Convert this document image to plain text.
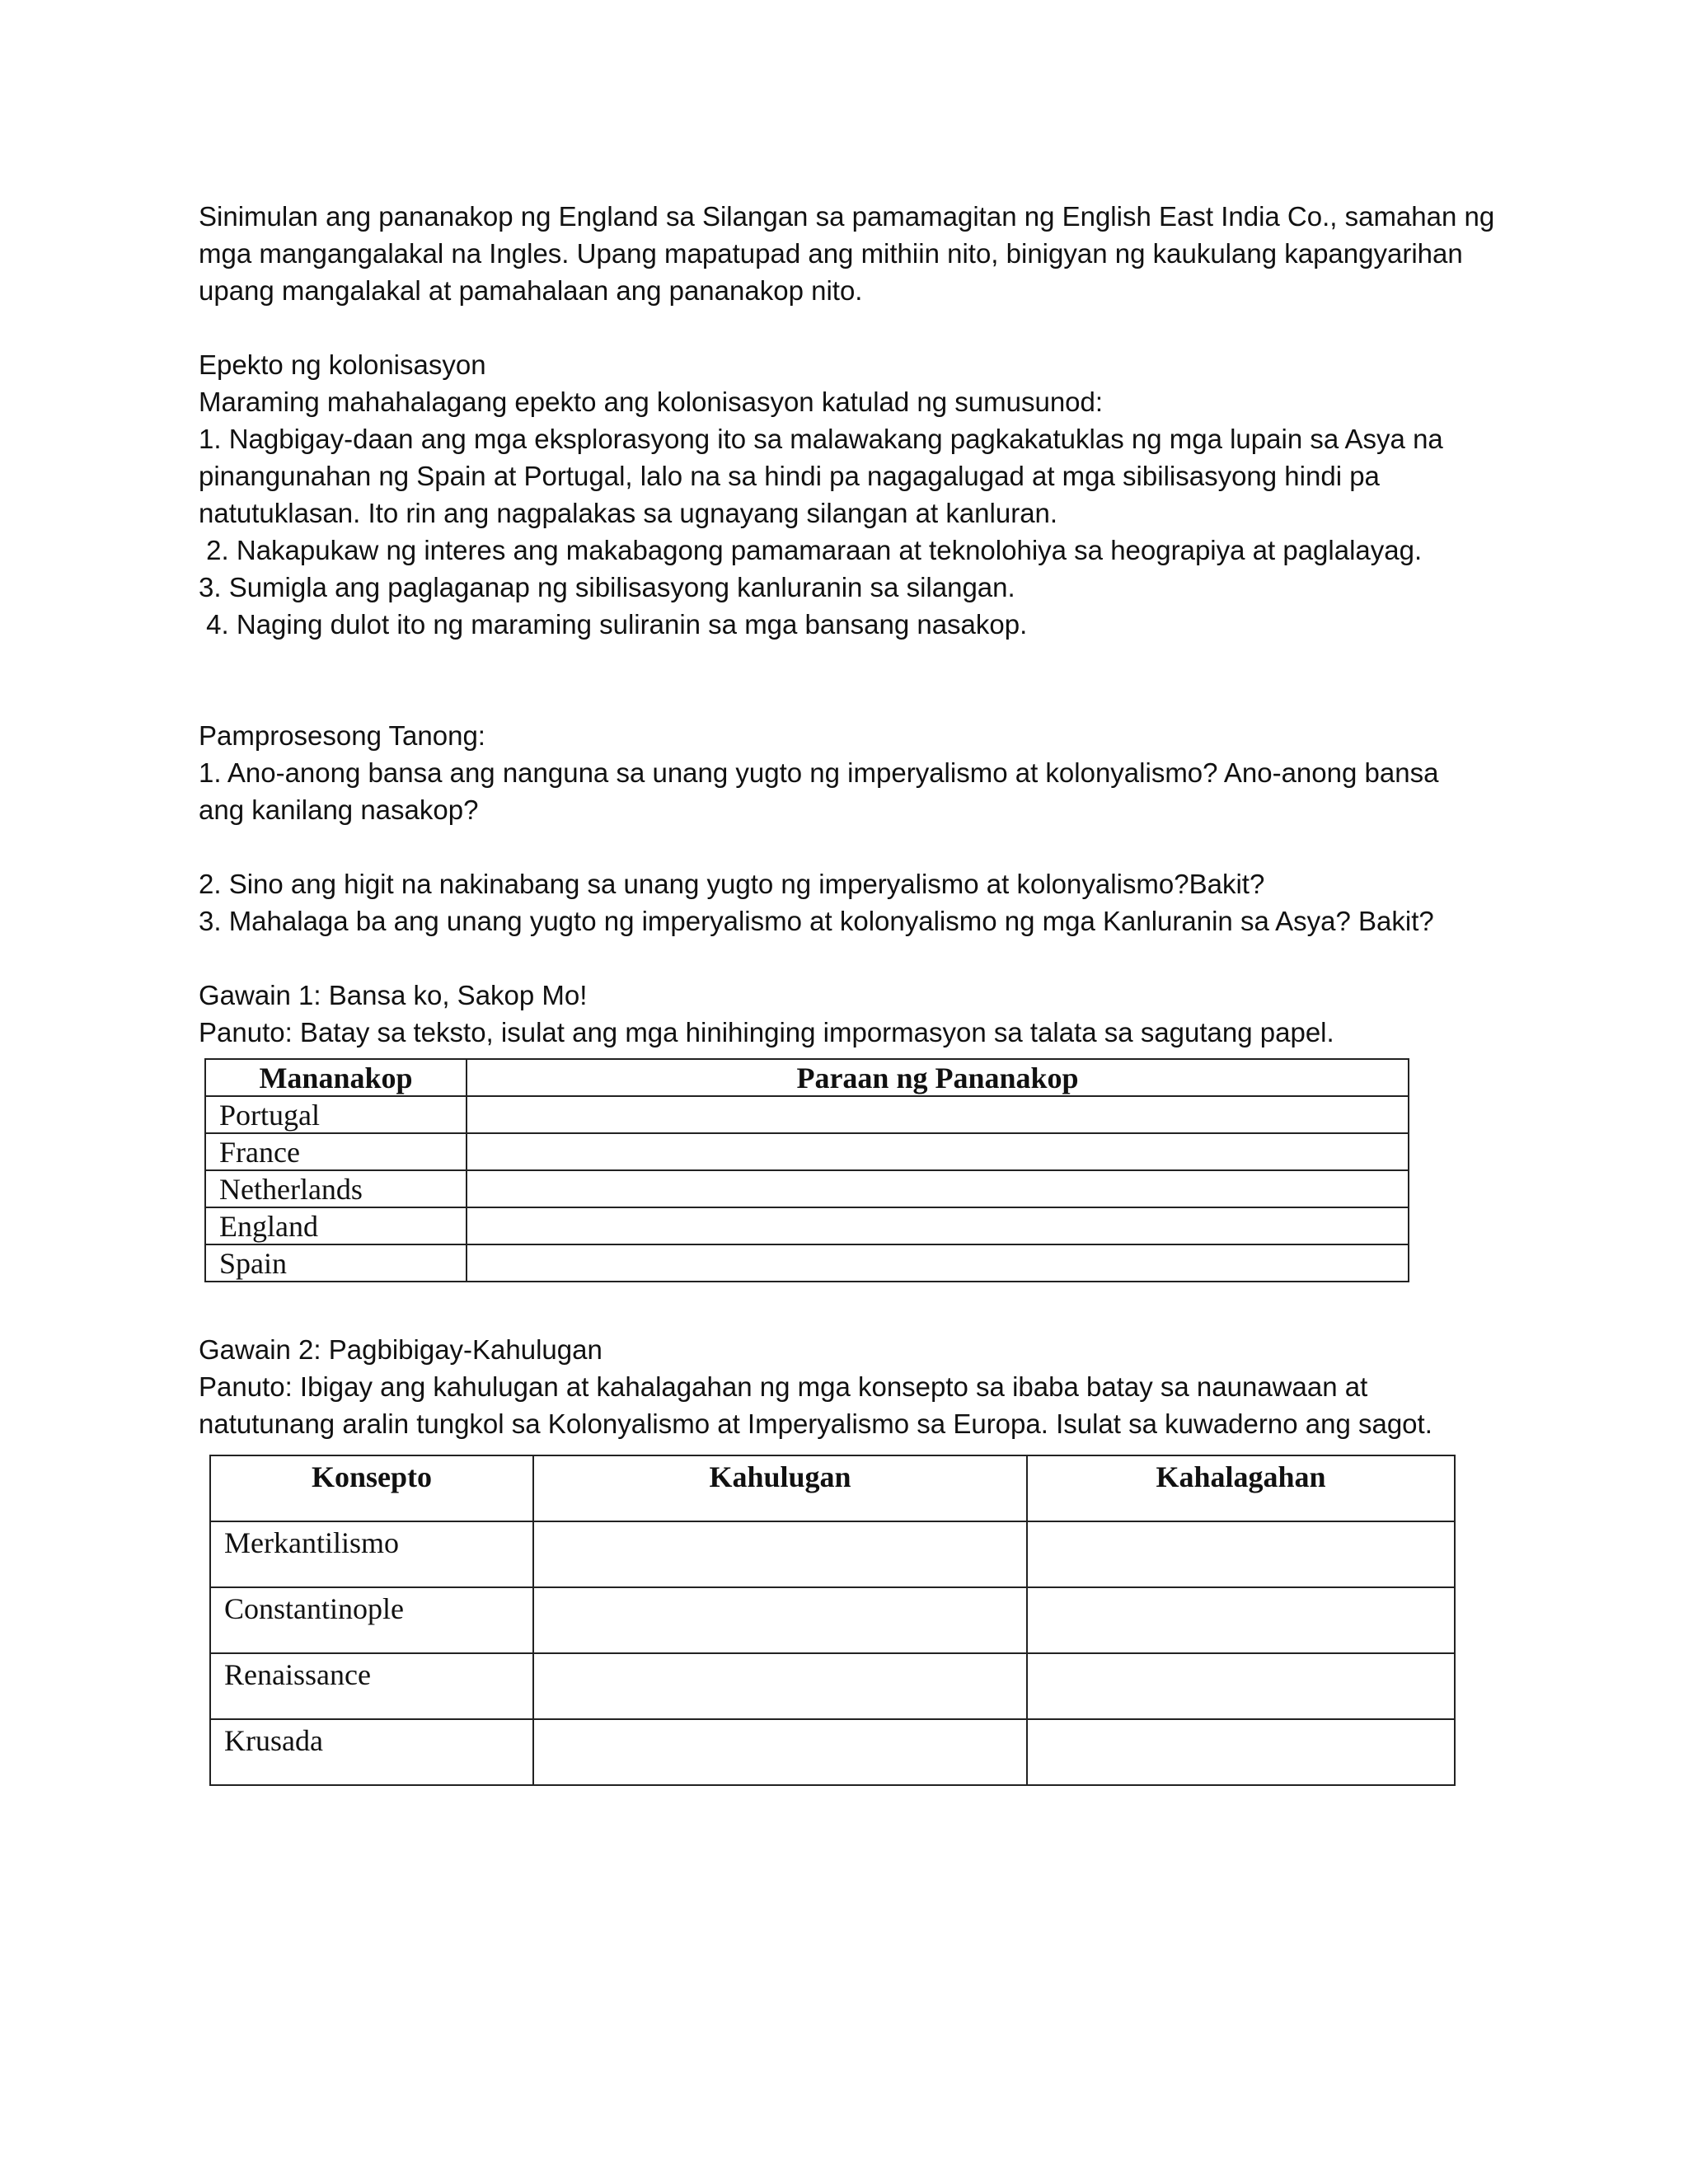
Sinimulan ang pananakop ng England sa Silangan sa pamamagitan ng English East India Co., samahan ng

mga mangangalakal na Ingles. Upang mapatupad ang mithiin nito, binigyan ng kaukulang kapangyarihan

upang mangalakal at pamahalaan ang pananakop nito.

Epekto ng kolonisasyon

Maraming mahahalagang epekto ang kolonisasyon katulad ng sumusunod:

1. Nagbigay-daan ang mga eksplorasyong ito sa malawakang pagkakatuklas ng mga lupain sa Asya na

pinangunahan ng Spain at Portugal, lalo na sa hindi pa nagagalugad at mga sibilisasyong hindi pa

natutuklasan. Ito rin ang nagpalakas sa ugnayang silangan at kanluran.

2. Nakapukaw ng interes ang makabagong pamamaraan at teknolohiya sa heograpiya at paglalayag.

3. Sumigla ang paglaganap ng sibilisasyong kanluranin sa silangan.

4. Naging dulot ito ng maraming suliranin sa mga bansang nasakop.

Pamprosesong Tanong:

1. Ano-anong bansa ang nanguna sa unang yugto ng imperyalismo at kolonyalismo? Ano-anong bansa

ang kanilang nasakop?

2. Sino ang higit na nakinabang sa unang yugto ng imperyalismo at kolonyalismo?Bakit?

3. Mahalaga ba ang unang yugto ng imperyalismo at kolonyalismo ng mga Kanluranin sa Asya? Bakit?

Gawain 1: Bansa ko, Sakop Mo!

Panuto: Batay sa teksto, isulat ang mga hinihinging impormasyon sa talata sa sagutang papel.

Mananakop	Paraan ng Pananakop
Portugal	
France	
Netherlands	
England	
Spain	

Gawain 2: Pagbibigay-Kahulugan

Panuto: Ibigay ang kahulugan at kahalagahan ng mga konsepto sa ibaba batay sa naunawaan at

natutunang aralin tungkol sa Kolonyalismo at Imperyalismo sa Europa. Isulat sa kuwaderno ang sagot.

Konsepto	Kahulugan	Kahalagahan
Merkantilismo		
Constantinople		
Renaissance		
Krusada		
